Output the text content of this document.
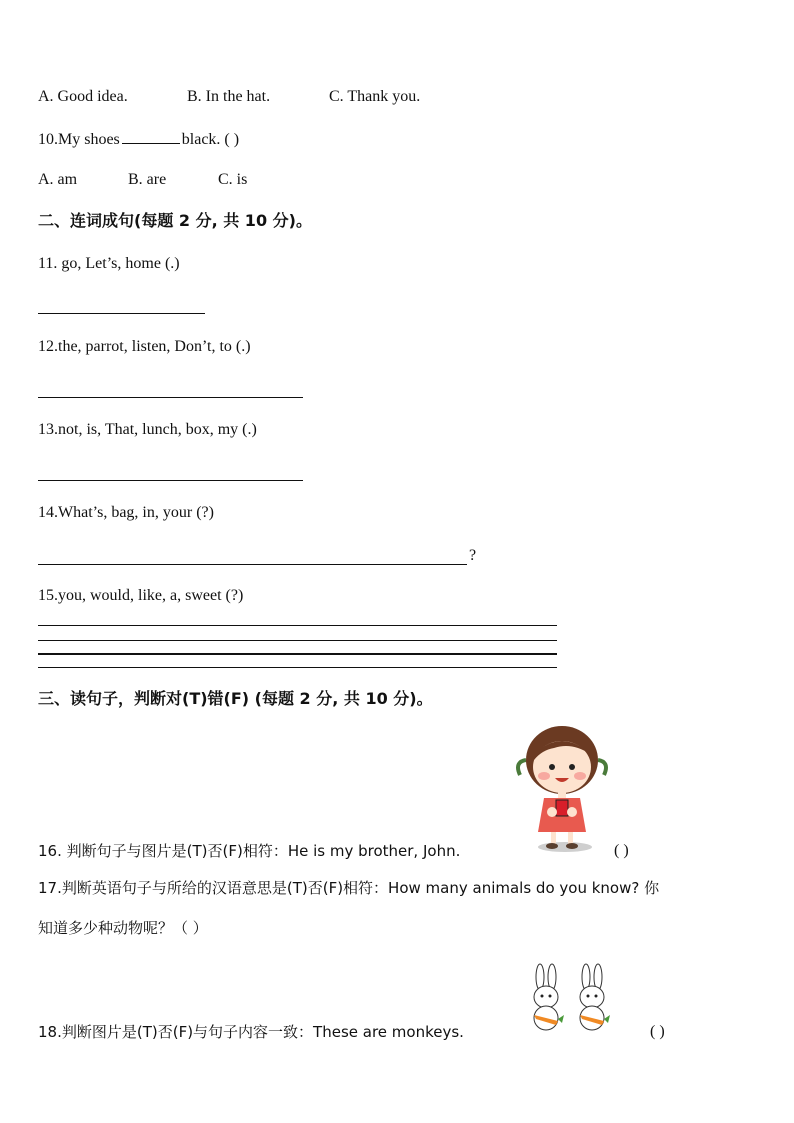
A. Good idea.	B. In the hat.	C. Thank you.
10.My shoes	black. ( )
A. am	B. are	C. is
二、连词成句(每题 2 分, 共 10 分)。
11. go, Let’s, home (.)
12.the, parrot, listen, Don’t, to (.)
13.not, is, That, lunch, box, my (.)
14.What’s, bag, in, your (?)
?
15.you, would, like, a, sweet (?)
三、读句子，判断对(T)错(F) (每题 2 分, 共 10 分)。
16. 判断句子与图片是(T)否(F)相符：He is my brother, John.	( )
17.判断英语句子与所给的汉语意思是(T)否(F)相符：How many animals do you know? 你
知道多少种动物呢？（ ）
18.判断图片是(T)否(F)与句子内容一致：These are monkeys.	( )
